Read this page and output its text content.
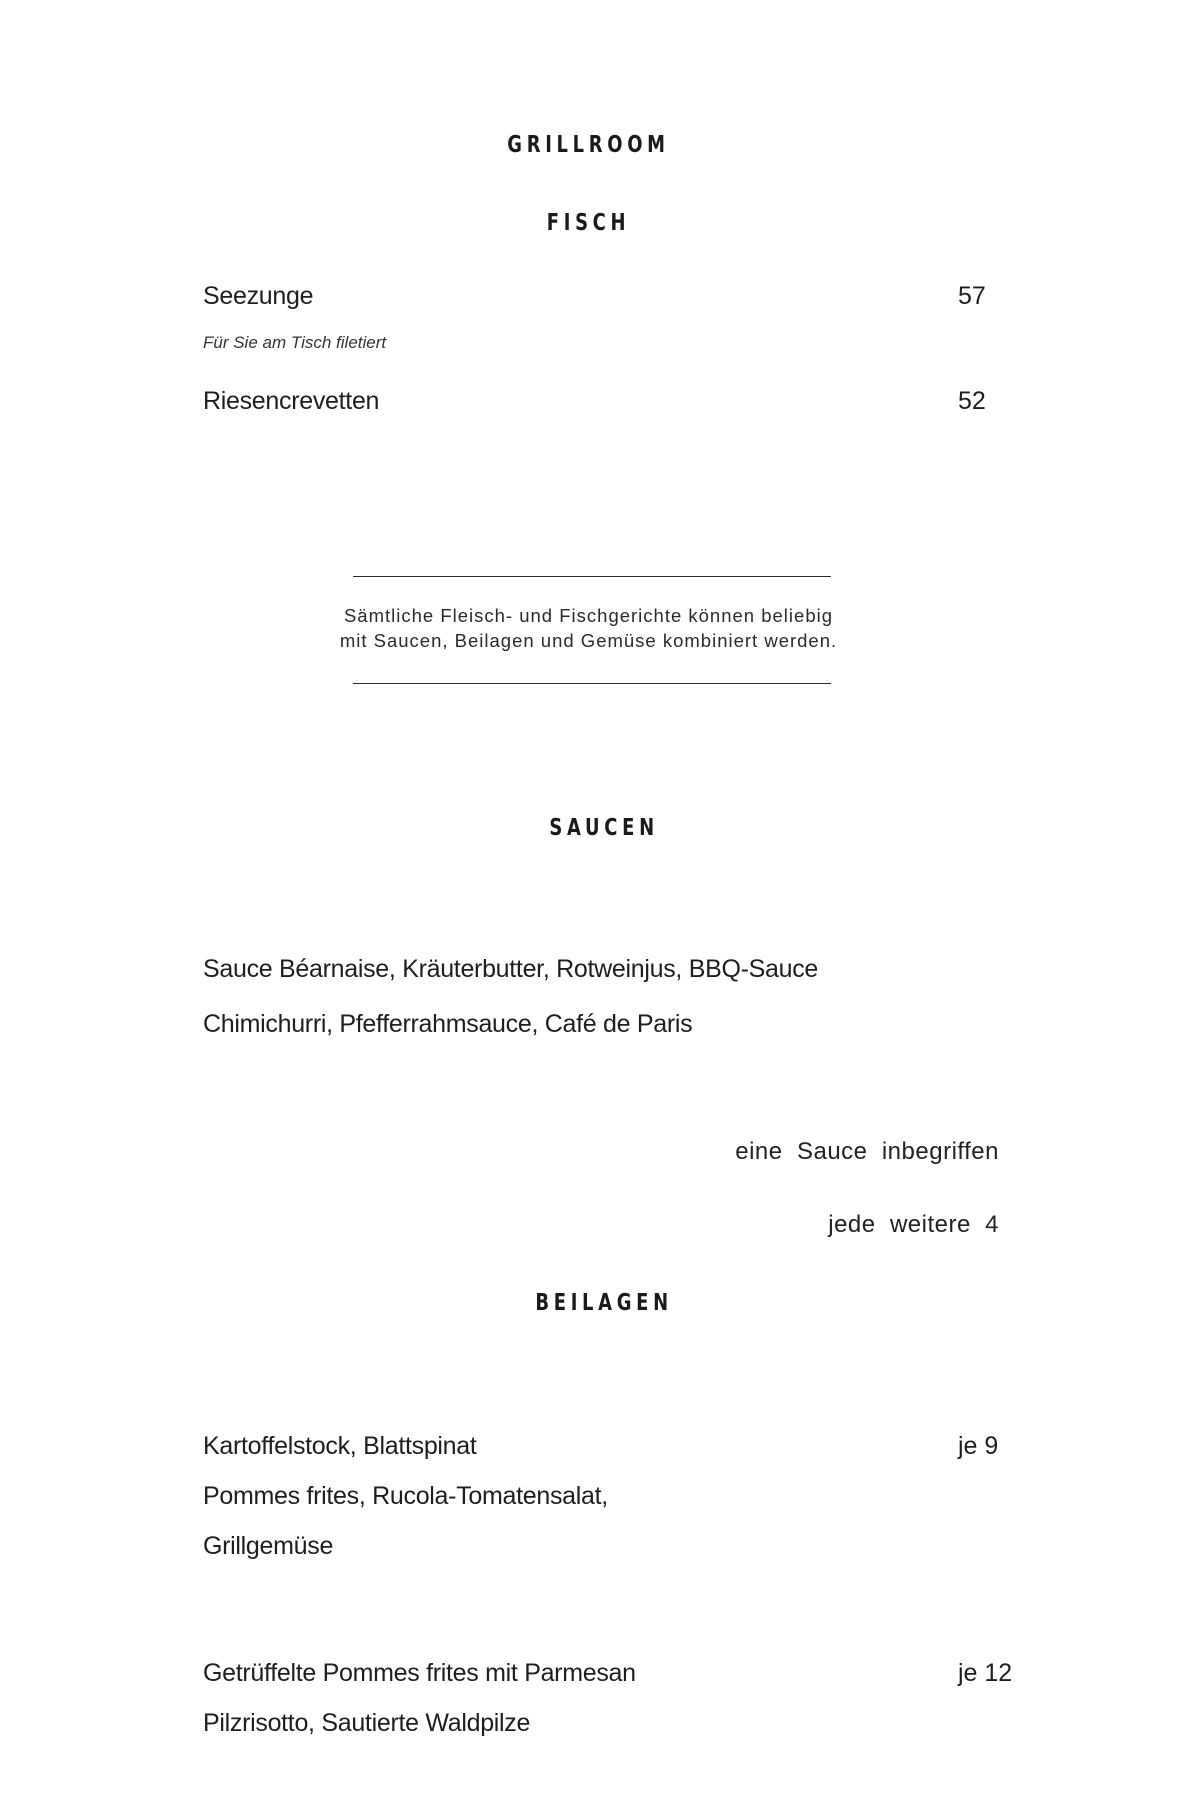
GRILLROOM
FISCH
Seezunge	57
Für Sie am Tisch filetiert
Riesencrevetten	52
Sämtliche Fleisch- und Fischgerichte können beliebig
mit Saucen, Beilagen und Gemüse kombiniert werden.
SAUCEN
Sauce Béarnaise, Kräuterbutter, Rotweinjus, BBQ-Sauce
Chimichurri, Pfefferrahmsauce, Café de Paris
eine  Sauce  inbegriffen
jede  weitere  4
BEILAGEN
Kartoffelstock, Blattspinat	je 9
Pommes frites, Rucola-Tomatensalat,
Grillgemüse
Getrüffelte Pommes frites mit Parmesan	je 12
Pilzrisotto, Sautierte Waldpilze
